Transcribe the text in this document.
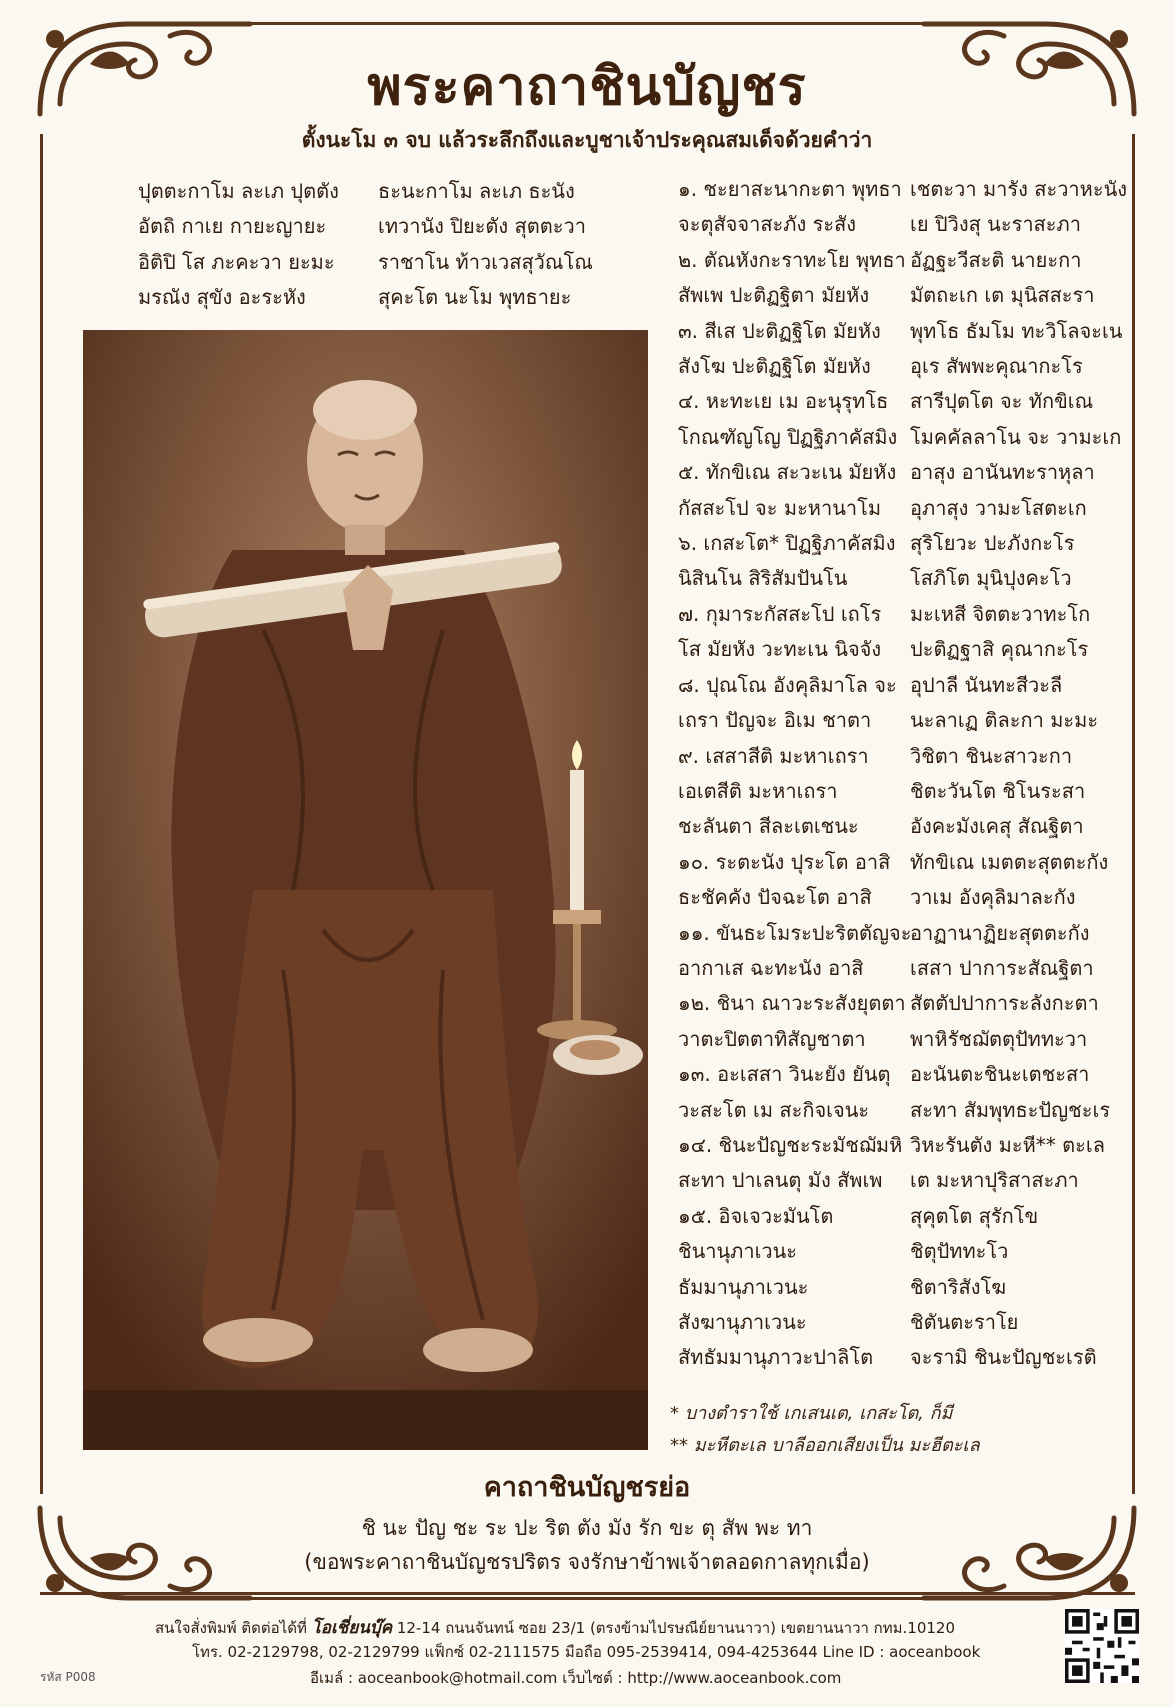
พระคาถาชินบัญชร
ตั้งนะโม ๓ จบ แล้วระลึกถึงและบูชาเจ้าประคุณสมเด็จด้วยคำว่า
ปุตตะกาโม ละเภ ปุตตัง
อัตถิ กาเย กายะญายะ
อิติปิ โส ภะคะวา ยะมะ
มรณัง สุขัง อะระหัง
ธะนะกาโม ละเภ ธะนัง
เทวานัง ปิยะตัง สุตตะวา
ราชาโน ท้าวเวสสุวัณโณ
สุคะโต นะโม พุทธายะ
๑. ชะยาสะนากะตา พุทธา
จะตุสัจจาสะภัง ระสัง
๒. ตัณหังกะราทะโย พุทธา
สัพเพ ปะติฏฐิตา มัยหัง
๓. สีเส ปะติฏฐิโต มัยหัง
สังโฆ ปะติฏฐิโต มัยหัง
๔. หะทะเย เม อะนุรุทโธ
โกณฑัญโญ ปิฏฐิภาคัสมิง
๕. ทักขิเณ สะวะเน มัยหัง
กัสสะโป จะ มะหานาโม
๖. เกสะโต* ปิฏฐิภาคัสมิง
นิสินโน สิริสัมปันโน
๗. กุมาระกัสสะโป เถโร
โส มัยหัง วะทะเน นิจจัง
๘. ปุณโณ อังคุลิมาโล จะ
เถรา ปัญจะ อิเม ชาตา
๙. เสสาสีติ มะหาเถรา
เอเตสีติ มะหาเถรา
ชะลันตา สีละเตเชนะ
๑๐. ระตะนัง ปุระโต อาสิ
ธะชัคคัง ปัจฉะโต อาสิ
๑๑. ขันธะโมระปะริตตัญจะ
อากาเส ฉะทะนัง อาสิ
๑๒. ชินา ณาวะระสังยุตตา
วาตะปิตตาทิสัญชาตา
๑๓. อะเสสา วินะยัง ยันตุ
วะสะโต เม สะกิจเจนะ
๑๔. ชินะปัญชะระมัชฌัมหิ
สะทา ปาเลนตุ มัง สัพเพ
๑๕. อิจเจวะมันโต
ชินานุภาเวนะ
ธัมมานุภาเวนะ
สังฆานุภาเวนะ
สัทธัมมานุภาวะปาลิโต
เชตะวา มารัง สะวาหะนัง
เย ปิวิงสุ นะราสะภา
อัฏฐะวีสะติ นายะกา
มัตถะเก เต มุนิสสะรา
พุทโธ ธัมโม ทะวิโลจะเน
อุเร สัพพะคุณากะโร
สารีปุตโต จะ ทักขิเณ
โมคคัลลาโน จะ วามะเก
อาสุง อานันทะราหุลา
อุภาสุง วามะโสตะเก
สุริโยวะ ปะภังกะโร
โสภิโต มุนิปุงคะโว
มะเหสี จิตตะวาทะโก
ปะติฏฐาสิ คุณากะโร
อุปาลี นันทะสีวะลี
นะลาเฏ ติละกา มะมะ
วิชิตา ชินะสาวะกา
ชิตะวันโต ชิโนระสา
อังคะมังเคสุ สัณฐิตา
ทักขิเณ เมตตะสุตตะกัง
วาเม อังคุลิมาละกัง
อาฏานาฏิยะสุตตะกัง
เสสา ปาการะสัณฐิตา
สัตตัปปาการะลังกะตา
พาหิรัชฌัตตุปัททะวา
อะนันตะชินะเตชะสา
สะทา สัมพุทธะปัญชะเร
วิหะรันตัง มะหี** ตะเล
เต มะหาปุริสาสะภา
สุคุตโต สุรักโข
ชิตุปัททะโว
ชิตาริสังโฆ
ชิตันตะราโย
จะรามิ ชินะปัญชะเรติ
* บางตำราใช้ เกเสนเต, เกสะโต, ก็มี
** มะหีตะเล บาลีออกเสียงเป็น มะฮีตะเล
คาถาชินบัญชรย่อ
ชิ นะ ปัญ ชะ ระ ปะ ริต ตัง มัง รัก ขะ ตุ สัพ พะ ทา
(ขอพระคาถาชินบัญชรปริตร จงรักษาข้าพเจ้าตลอดกาลทุกเมื่อ)
สนใจสั่งพิมพ์ ติดต่อได้ที่ โอเชี่ยนบุ๊ค 12-14 ถนนจันทน์ ซอย 23/1 (ตรงข้ามไปรษณีย์ยานนาวา) เขตยานนาวา กทม.10120
โทร. 02-2129798, 02-2129799 แฟ็กซ์ 02-2111575 มือถือ 095-2539414, 094-4253644 Line ID : aoceanbook
อีเมล์ : aoceanbook@hotmail.com เว็บไซต์ : http://www.aoceanbook.com
รหัส P008
